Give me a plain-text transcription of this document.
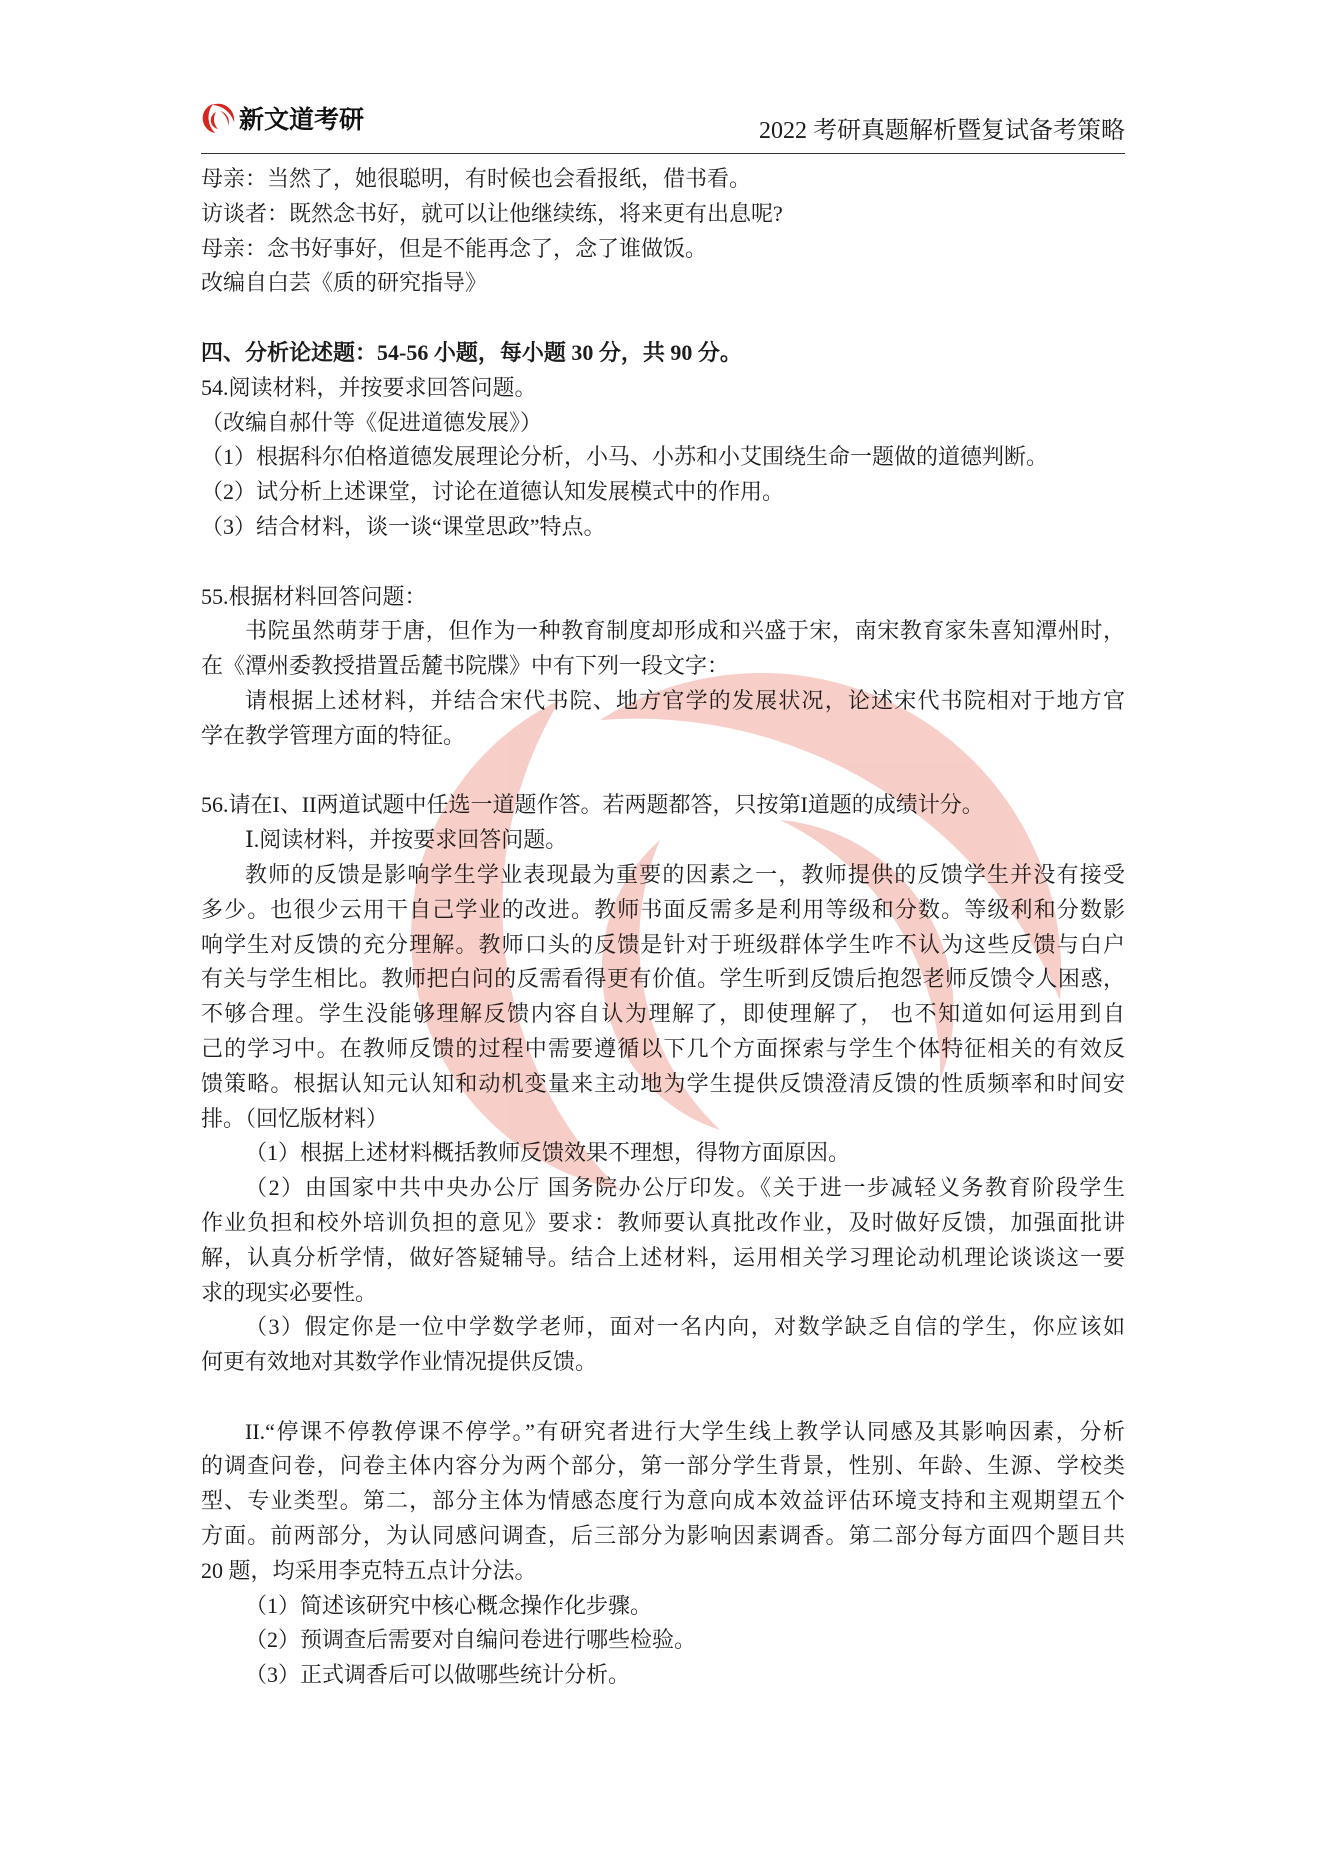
新文道考研	2022 考研真题解析暨复试备考策略
母亲：当然了，她很聪明，有时候也会看报纸，借书看。
访谈者：既然念书好，就可以让他继续练，将来更有出息呢?
母亲：念书好事好，但是不能再念了，念了谁做饭。
改编自白芸《质的研究指导》
四、分析论述题：54-56 小题，每小题 30 分，共 90 分。
54.阅读材料，并按要求回答问题。
（改编自郝什等《促进道德发展》）
（1）根据科尔伯格道德发展理论分析，小马、小苏和小艾围绕生命一题做的道德判断。
（2）试分析上述课堂，讨论在道德认知发展模式中的作用。
（3）结合材料，谈一谈“课堂思政”特点。
55.根据材料回答问题：
书院虽然萌芽于唐，但作为一种教育制度却形成和兴盛于宋，南宋教育家朱喜知潭州时，
在《潭州委教授措置岳麓书院牒》中有下列一段文字：
请根据上述材料，并结合宋代书院、地方官学的发展状况，论述宋代书院相对于地方官
学在教学管理方面的特征。
56.请在I、II两道试题中任选一道题作答。若两题都答，只按第I道题的成绩计分。
Ⅰ.阅读材料，并按要求回答问题。
教师的反馈是影响学生学业表现最为重要的因素之一，教师提供的反馈学生并没有接受
多少。也很少云用干自己学业的改进。教师书面反需多是利用等级和分数。等级利和分数影
响学生对反馈的充分理解。教师口头的反馈是针对于班级群体学生咋不认为这些反馈与白户
有关与学生相比。教师把白问的反需看得更有价值。学生听到反馈后抱怨老师反馈令人困惑，
不够合理。学生没能够理解反馈内容自认为理解了，即使理解了， 也不知道如何运用到自
己的学习中。在教师反馈的过程中需要遵循以下几个方面探索与学生个体特征相关的有效反
馈策略。根据认知元认知和动机变量来主动地为学生提供反馈澄清反馈的性质频率和时间安
排。（回忆版材料）
（1）根据上述材料概括教师反馈效果不理想，得物方面原因。
（2）由国家中共中央办公厅 国务院办公厅印发。《关于进一步减轻义务教育阶段学生
作业负担和校外培训负担的意见》要求：教师要认真批改作业，及时做好反馈，加强面批讲
解，认真分析学情，做好答疑辅导。结合上述材料，运用相关学习理论动机理论谈谈这一要
求的现实必要性。
（3）假定你是一位中学数学老师，面对一名内向，对数学缺乏自信的学生，你应该如
何更有效地对其数学作业情况提供反馈。
II.“停课不停教停课不停学。”有研究者进行大学生线上教学认同感及其影响因素，分析
的调查问卷，问卷主体内容分为两个部分，第一部分学生背景，性别、年龄、生源、学校类
型、专业类型。第二，部分主体为情感态度行为意向成本效益评估环境支持和主观期望五个
方面。前两部分，为认同感问调查，后三部分为影响因素调香。第二部分每方面四个题目共
20 题，均采用李克特五点计分法。
（1）简述该研究中核心概念操作化步骤。
（2）预调查后需要对自编问卷进行哪些检验。
（3）正式调香后可以做哪些统计分析。
